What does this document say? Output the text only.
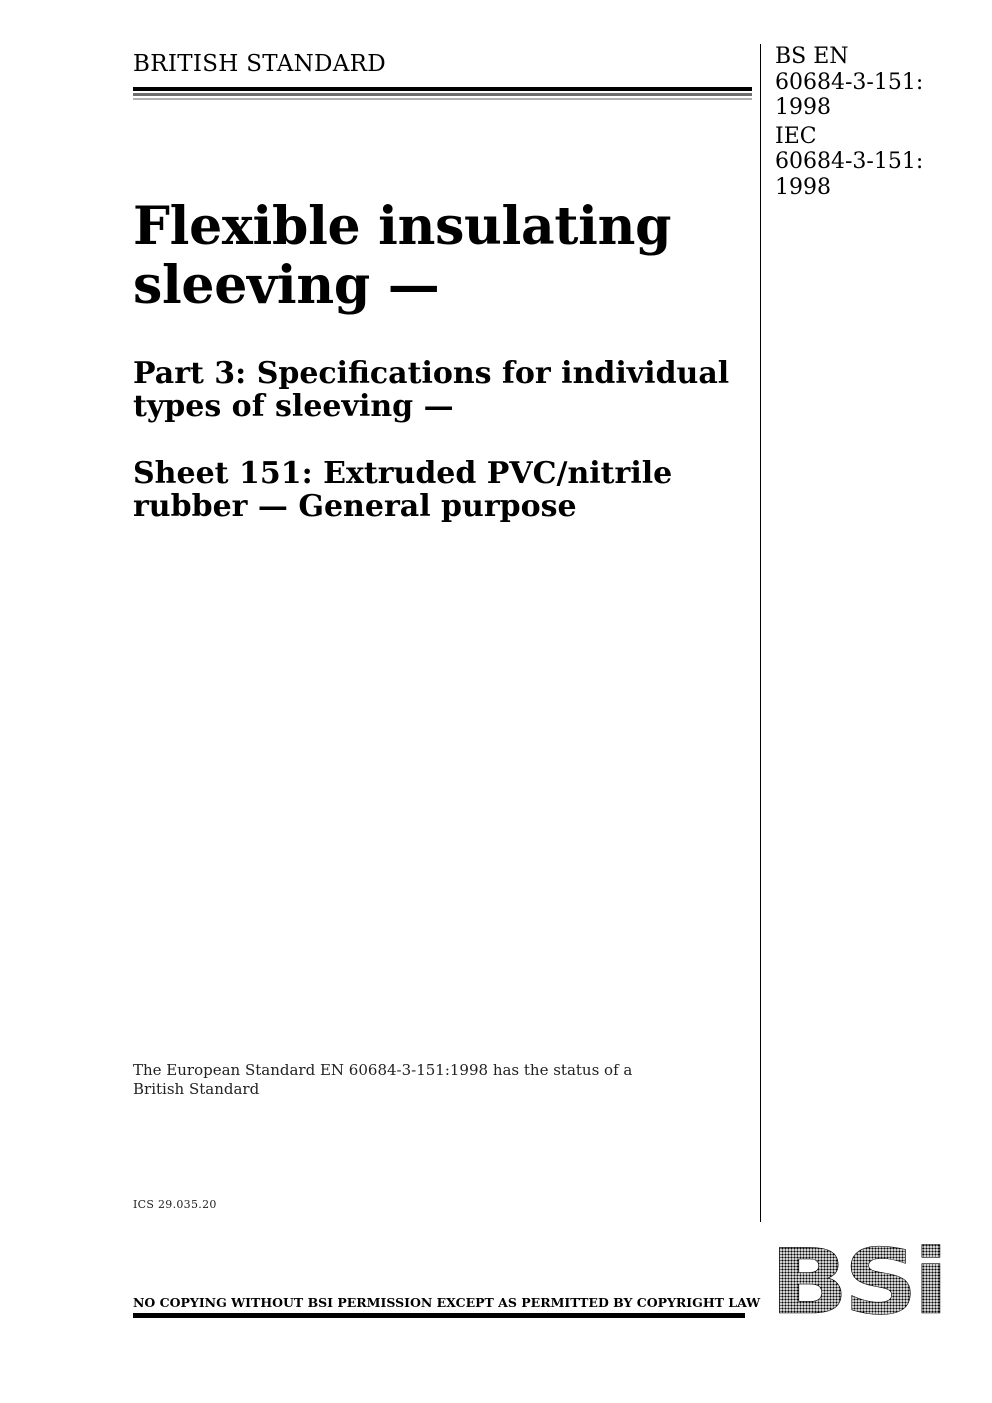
BRITISH STANDARD	BS EN
60684-3-151:
1998
IEC
60684-3-151:
1998
Flexible insulating
sleeving —
Part 3: Specifications for individual
types of sleeving —
Sheet 151: Extruded PVC/nitrile
rubber — General purpose
The European Standard EN 60684-3-151:1998 has the status of a
British Standard
ICS 29.035.20
NO COPYING WITHOUT BSI PERMISSION EXCEPT AS PERMITTED BY COPYRIGHT LAW BSi
